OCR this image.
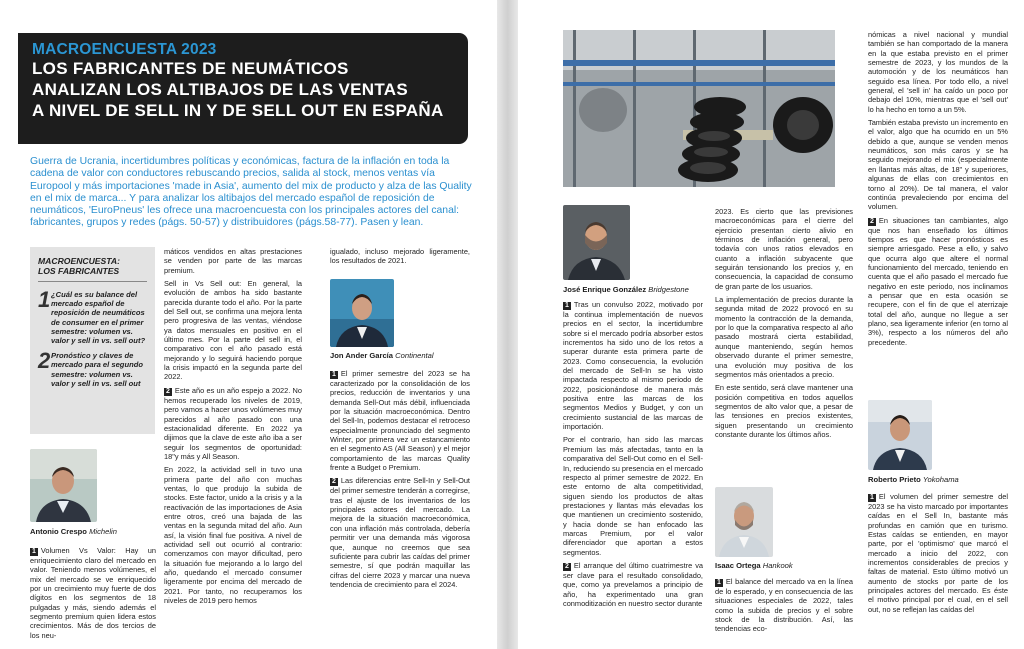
MACROENCUESTA 2023
LOS FABRICANTES DE NEUMÁTICOS
ANALIZAN LOS ALTIBAJOS DE LAS VENTAS
A NIVEL DE SELL IN Y DE SELL OUT EN ESPAÑA
Guerra de Ucrania, incertidumbres políticas y económicas, factura de la inflación en toda la cadena de valor con conductores rebuscando precios, salida al stock, menos ventas vía Europool y más importaciones 'made in Asia', aumento del mix de producto y alza de las Quality en el mix de marca... Y para analizar los altibajos del mercado español de reposición de neumáticos, 'EuroPneus' les ofrece una macroencuesta con los principales actores del canal: fabricantes, grupos y redes (págs. 50-57) y distribuidores (págs.58-77). Pasen y lean.
MACROENCUESTA:
LOS FABRICANTES
1 ¿Cuál es su balance del mercado español de reposición de neumáticos de consumer en el primer semestre: volumen vs. valor y sell in vs. sell out?
2 Pronóstico y claves de mercado para el segundo semestre: volumen vs. valor y sell in vs. sell out
Antonio Crespo Michelin

1 Volumen Vs Valor: Hay un enriquecimiento claro del mercado en valor. Teniendo menos volúmenes, el mix del mercado se ve enriquecido por un crecimiento muy fuerte de dos dígitos en los segmentos de 18 pulgadas y más, siendo además el segmento premium quien lidera estos crecimientos. Más de dos tercios de los neu-

máticos vendidos en altas prestaciones se venden por parte de las marcas premium.

Sell in Vs Sell out: En general, la evolución de ambos ha sido bastante parecida durante todo el año. Por la parte del Sell out, se confirma una mejora lenta pero progresiva de las ventas, viéndose ya datos mensuales en positivo en el último mes. Por la parte del sell in, el comparativo con el año pasado está mejorando y lo seguirá haciendo porque la crisis impactó en la segunda parte del 2022.

2 Este año es un año espejo a 2022. No hemos recuperado los niveles de 2019, pero vamos a hacer unos volúmenes muy parecidos al año pasado con una estacionalidad diferente. En 2022 ya dijimos que la clave de este año iba a ser seguir los segmentos de oportunidad: 18"y más y All Season.

En 2022, la actividad sell in tuvo una primera parte del año con muchas ventas, lo que produjo la subida de stocks. Este factor, unido a la crisis y a la reactivación de las importaciones de Asia entre otros, creó una bajada de las ventas en la segunda mitad del año. Aun así, la visión final fue positiva. A nivel de actividad sell out ocurrió al contrario: comenzamos con mayor dificultad, pero la situación fue mejorando a lo largo del año, quedando el mercado consumer ligeramente por encima del mercado de 2021. Por tanto, no recuperamos los niveles de 2019 pero hemos

igualado, incluso mejorado ligeramente, los resultados de 2021.

Jon Ander García Continental

1 El primer semestre del 2023 se ha caracterizado por la consolidación de los precios, reducción de inventarios y una demanda Sell-Out más débil, influenciada por la situación macroeconómica. Dentro del Sell-In, podemos destacar el retroceso especialmente pronunciado del segmento Winter, por primera vez un estancamiento en el segmento AS (All Season) y el mejor comportamiento de las marcas Quality frente a Budget o Premium.

2 Las diferencias entre Sell-In y Sell-Out del primer semestre tenderán a corregirse, tras el ajuste de los inventarios de los principales actores del mercado. La mejora de la situación macroeconómica, con una inflación más controlada, debería permitir ver una demanda más vigorosa que, aunque no creemos que sea suficiente para cubrir las caídas del primer semestre, sí que podrán maquillar las cifras del cierre 2023 y marcar una nueva tendencia de crecimiento para el 2024.

José Enrique González Bridgestone

1 Tras un convulso 2022, motivado por la continua implementación de nuevos precios en el sector, la incertidumbre sobre si el mercado podría absorber estos incrementos ha sido uno de los retos a superar durante esta primera parte de 2023. Como consecuencia, la evolución del mercado de Sell-In se ha visto impactada respecto al mismo periodo de 2022, posicionándose de manera más positiva entre las marcas de los segmentos Medios y Budget, y con un crecimiento sustancial de las marcas de importación.

Por el contrario, han sido las marcas Premium las más afectadas, tanto en la comparativa del Sell-Out como en el Sell-In, reduciendo su presencia en el mercado respecto al primer semestre de 2022. En este entorno de alta competitividad, siguen siendo los productos de altas prestaciones y llantas más elevadas los que mantienen un crecimiento sostenido, y hacia donde se han enfocado las marcas Premium, por el valor diferenciador que aportan a estos segmentos.

2 El arranque del último cuatrimestre va ser clave para el resultado consolidado, que, como ya prevelamos a principio de año, ha experimentado una gran conmoditización en nuestro sector durante

2023. Es cierto que las previsiones macroeconómicas para el cierre del ejercicio presentan cierto alivio en términos de inflación general, pero todavía con unos ratios elevados en cuanto a inflación subyacente que seguirán tensionando los precios y, en consecuencia, la capacidad de consumo de gran parte de los usuarios.

La implementación de precios durante la segunda mitad de 2022 provocó en su momento la contracción de la demanda, por lo que la comparativa respecto al año pasado mostrará cierta estabilidad, aunque manteniendo, según hemos observado durante el primer semestre, una evolución muy positiva de los segmentos más orientados a precio.

En este sentido, será clave mantener una posición competitiva en todos aquellos segmentos de alto valor que, a pesar de las tensiones en precios existentes, siguen presentando un crecimiento constante durante los últimos años.

Isaac Ortega Hankook

1 El balance del mercado va en la línea de lo esperado, y en consecuencia de las situaciones especiales de 2022, tales como la subida de precios y el sobre stock de la distribución. Así, las tendencias eco-

nómicas a nivel nacional y mundial también se han comportado de la manera en la que estaba previsto en el primer semestre de 2023, y los mundos de la automoción y de los neumáticos han seguido esa línea. Por todo ello, a nivel general, el 'sell in' ha caído un poco por debajo del 10%, mientras que el 'sell out' lo ha hecho en torno a un 5%.

También estaba previsto un incremento en el valor, algo que ha ocurrido en un 5% debido a que, aunque se venden menos neumáticos, son más caros y se ha seguido mejorando el mix (especialmente en llantas más altas, de 18" y superiores, algunas de ellas con crecimientos en torno al 20%). De tal manera, el valor continúa prevaleciendo por encima del volumen.

2 En situaciones tan cambiantes, algo que nos han enseñado los últimos tiempos es que hacer pronósticos es siempre arriesgado. Pese a ello, y salvo que ocurra algo que altere el normal funcionamiento del mercado, teniendo en cuenta que el año pasado el mercado fue negativo en este periodo, nos inclinamos a pensar que en esta ocasión se recupere, con el fin de que el aterrizaje total del año, aunque no llegue a ser plano, sea ligeramente inferior (en torno al 3%), respecto a los números del año precedente.

Roberto Prieto Yokohama

1 El volumen del primer semestre del 2023 se ha visto marcado por importantes caídas en el Sell In, bastante más profundas en camión que en turismo. Estas caídas se entienden, en mayor parte, por el 'optimismo' que marcó el mercado a inicio del 2022, con incrementos considerables de precios y faltas de material. Esto último motivó un aumento de stocks por parte de los principales actores del mercado. Es éste el motivo principal por el cual, en el sell out, no se reflejan las caídas del
